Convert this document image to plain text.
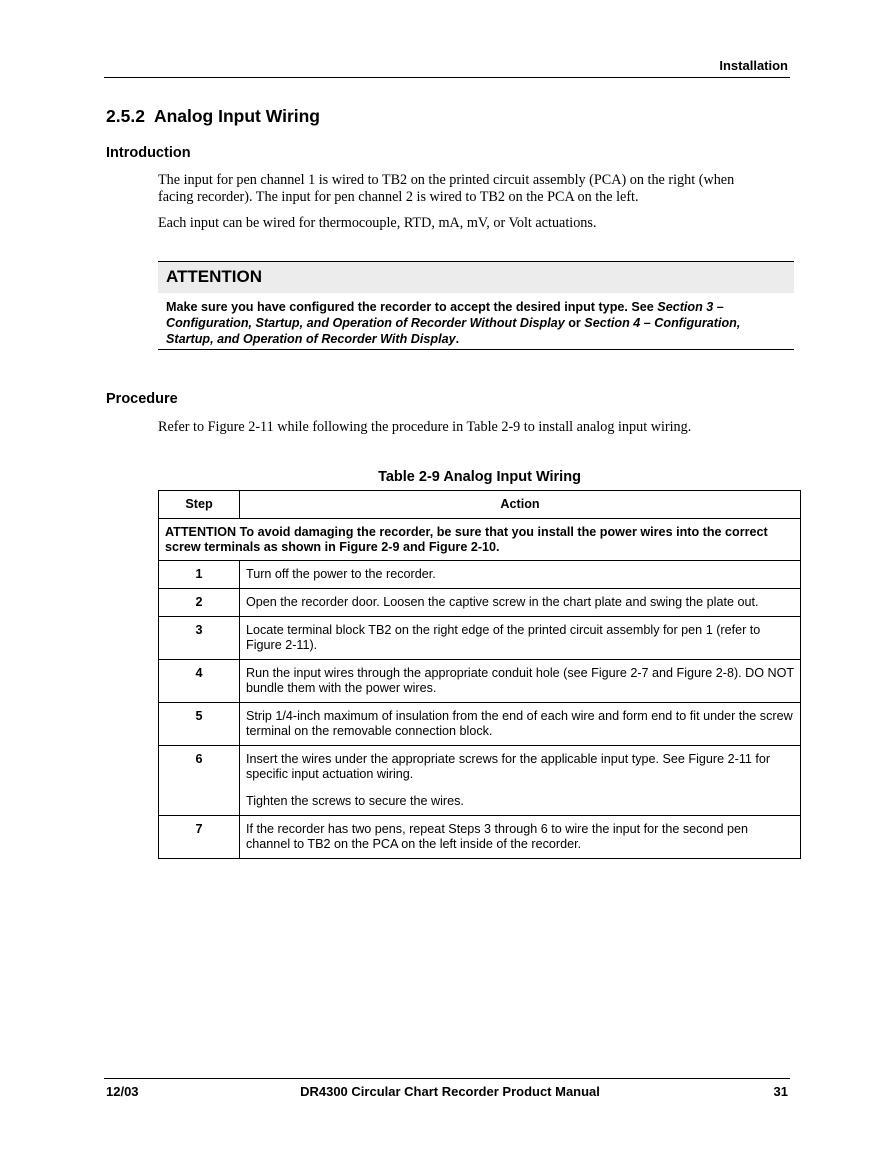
Installation
2.5.2 Analog Input Wiring
Introduction

The input for pen channel 1 is wired to TB2 on the printed circuit assembly (PCA) on the right (when facing recorder). The input for pen channel 2 is wired to TB2 on the PCA on the left.

Each input can be wired for thermocouple, RTD, mA, mV, or Volt actuations.

ATTENTION
Make sure you have configured the recorder to accept the desired input type. See Section 3 – Configuration, Startup, and Operation of Recorder Without Display or Section 4 – Configuration, Startup, and Operation of Recorder With Display.
Procedure

Refer to Figure 2-11 while following the procedure in Table 2-9 to install analog input wiring.

Table 2-9 Analog Input Wiring
Step	Action
ATTENTION To avoid damaging the recorder, be sure that you install the power wires into the correct screw terminals as shown in Figure 2-9 and Figure 2-10.	
1	Turn off the power to the recorder.

2	Open the recorder door. Loosen the captive screw in the chart plate and swing the plate out.

3	Locate terminal block TB2 on the right edge of the printed circuit assembly for pen 1 (refer to Figure 2-11).

4	Run the input wires through the appropriate conduit hole (see Figure 2-7 and Figure 2-8). DO NOT bundle them with the power wires.

5	Strip 1/4-inch maximum of insulation from the end of each wire and form end to fit under the screw terminal on the removable connection block.

6	Insert the wires under the appropriate screws for the applicable input type. See Figure 2-11 for specific input actuation wiring.

Tighten the screws to secure the wires.

7	If the recorder has two pens, repeat Steps 3 through 6 to wire the input for the second pen channel to TB2 on the PCA on the left inside of the recorder.

12/03	DR4300 Circular Chart Recorder Product Manual	31
